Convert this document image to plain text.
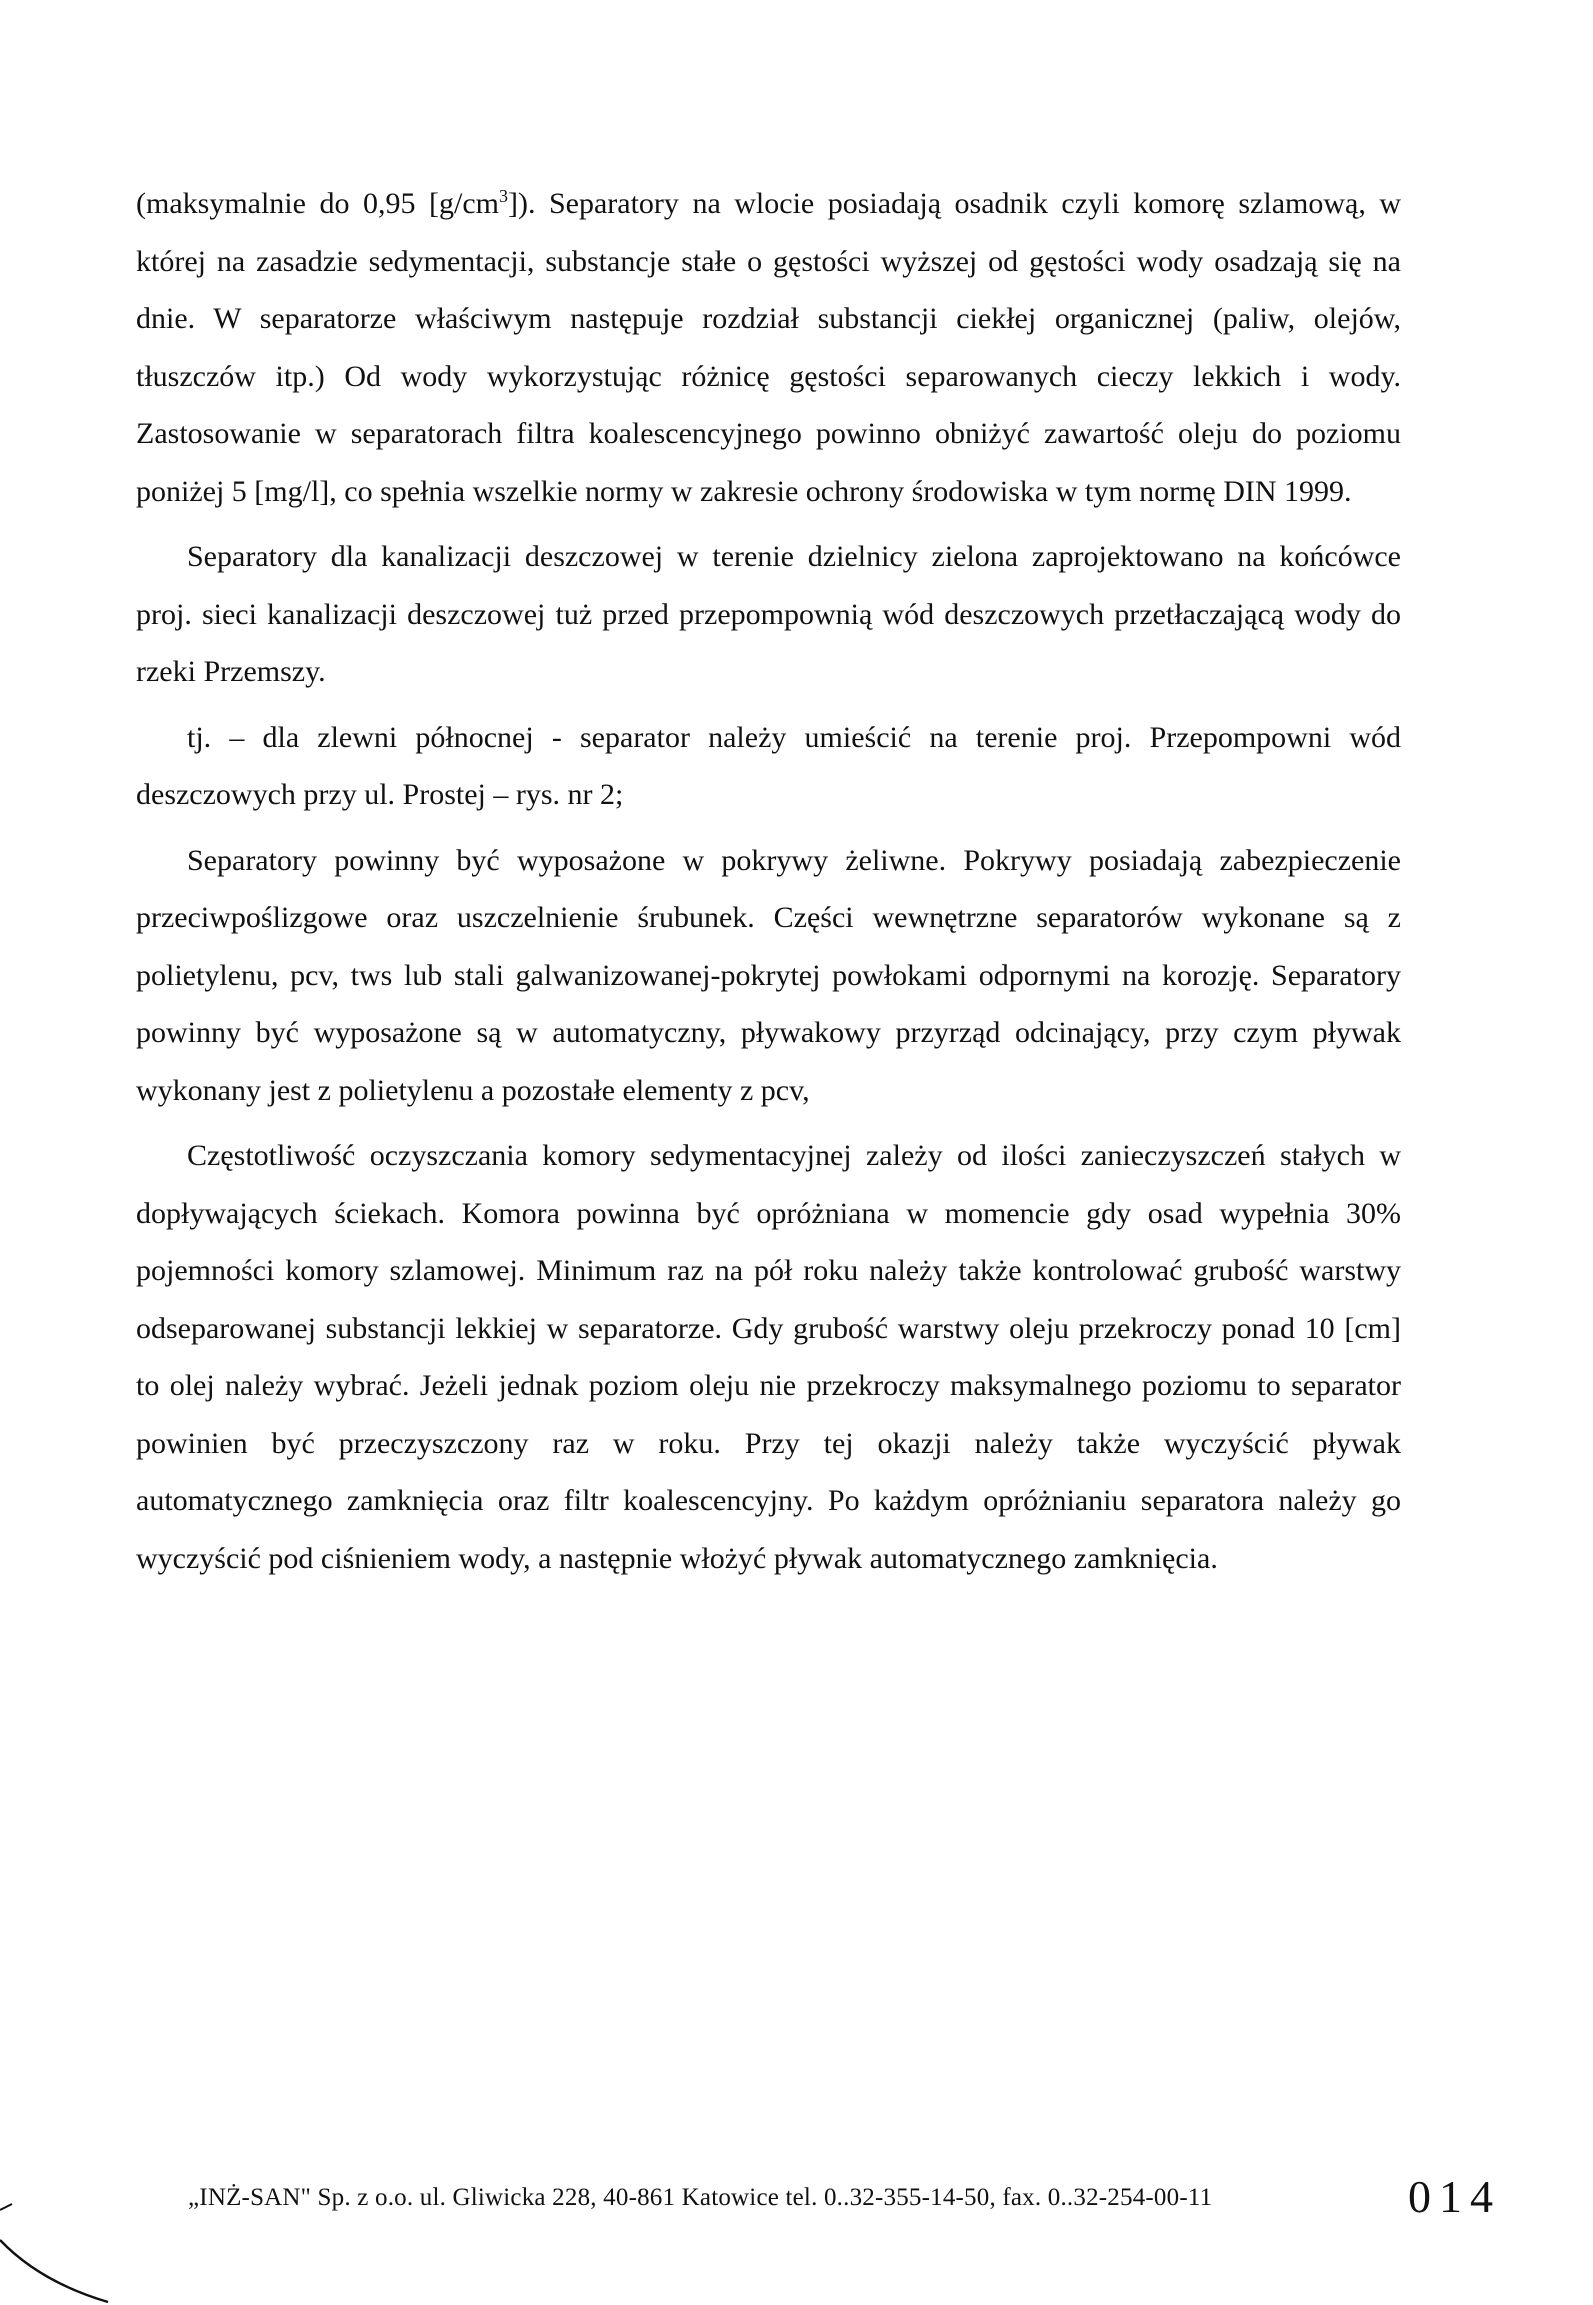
(maksymalnie do 0,95 $[g/cm^3]$). Separatory na wlocie posiadają osadnik czyli komorę szlamową, w której na zasadzie sedymentacji, substancje stałe o gęstości wyższej od gęstości wody osadzają się na dnie. W separatorze właściwym następuje rozdział substancji ciekłej organicznej (paliw, olejów, tłuszczów itp.) Od wody wykorzystując różnicę gęstości separowanych cieczy lekkich i wody. Zastosowanie w separatorach filtra koalescencyjnego powinno obniżyć zawartość oleju do poziomu poniżej 5 [mg/l], co spełnia wszelkie normy w zakresie ochrony środowiska w tym normę DIN 1999.

Separatory dla kanalizacji deszczowej w terenie dzielnicy zielona zaprojektowano na końcówce proj. sieci kanalizacji deszczowej tuż przed przepompownią wód deszczowych przetłaczającą wody do rzeki Przemszy.

tj. – dla zlewni północnej - separator należy umieścić na terenie proj. Przepompowni wód deszczowych przy ul. Prostej – rys. nr 2;

Separatory powinny być wyposażone w pokrywy żeliwne. Pokrywy posiadają zabezpieczenie przeciwpoślizgowe oraz uszczelnienie śrubunek. Części wewnętrzne separatorów wykonane są z polietylenu, pcv, tws lub stali galwanizowanej-pokrytej powłokami odpornymi na korozję. Separatory powinny być wyposażone są w automatyczny, pływakowy przyrząd odcinający, przy czym pływak wykonany jest z polietylenu a pozostałe elementy z pcv,

Częstotliwość oczyszczania komory sedymentacyjnej zależy od ilości zanieczyszczeń stałych w dopływających ściekach. Komora powinna być opróżniana w momencie gdy osad wypełnia 30% pojemności komory szlamowej. Minimum raz na pół roku należy także kontrolować grubość warstwy odseparowanej substancji lekkiej w separatorze. Gdy grubość warstwy oleju przekroczy ponad 10 [cm] to olej należy wybrać. Jeżeli jednak poziom oleju nie przekroczy maksymalnego poziomu to separator powinien być przeczyszczony raz w roku. Przy tej okazji należy także wyczyścić pływak automatycznego zamknięcia oraz filtr koalescencyjny. Po każdym opróżnianiu separatora należy go wyczyścić pod ciśnieniem wody, a następnie włożyć pływak automatycznego zamknięcia.

„INŻ-SAN" Sp. z o.o. ul. Gliwicka 228, 40-861 Katowice tel. 0..32-355-14-50, fax. 0..32-254-00-11	014
